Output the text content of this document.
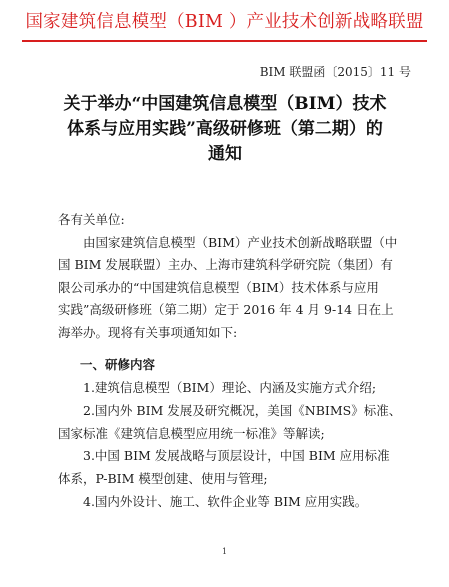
国家建筑信息模型（BIM ）产业技术创新战略联盟
BIM 联盟函〔2015〕11 号
关于举办“中国建筑信息模型（BIM）技术
体系与应用实践”高级研修班（第二期）的
通知
各有关单位:
　　由国家建筑信息模型（BIM）产业技术创新战略联盟（中
国 BIM 发展联盟）主办、上海市建筑科学研究院（集团）有
限公司承办的“中国建筑信息模型（BIM）技术体系与应用
实践”高级研修班（第二期）定于 2016 年 4 月 9-14 日在上
海举办。现将有关事项通知如下:
一、研修内容
　　1.建筑信息模型（BIM）理论、内涵及实施方式介绍;
　　2.国内外 BIM 发展及研究概况，美国《NBIMS》标准、
国家标准《建筑信息模型应用统一标准》等解读;
　　3.中国 BIM 发展战略与顶层设计，中国 BIM 应用标准
体系，P-BIM 模型创建、使用与管理;
　　4.国内外设计、施工、软件企业等 BIM 应用实践。
1
